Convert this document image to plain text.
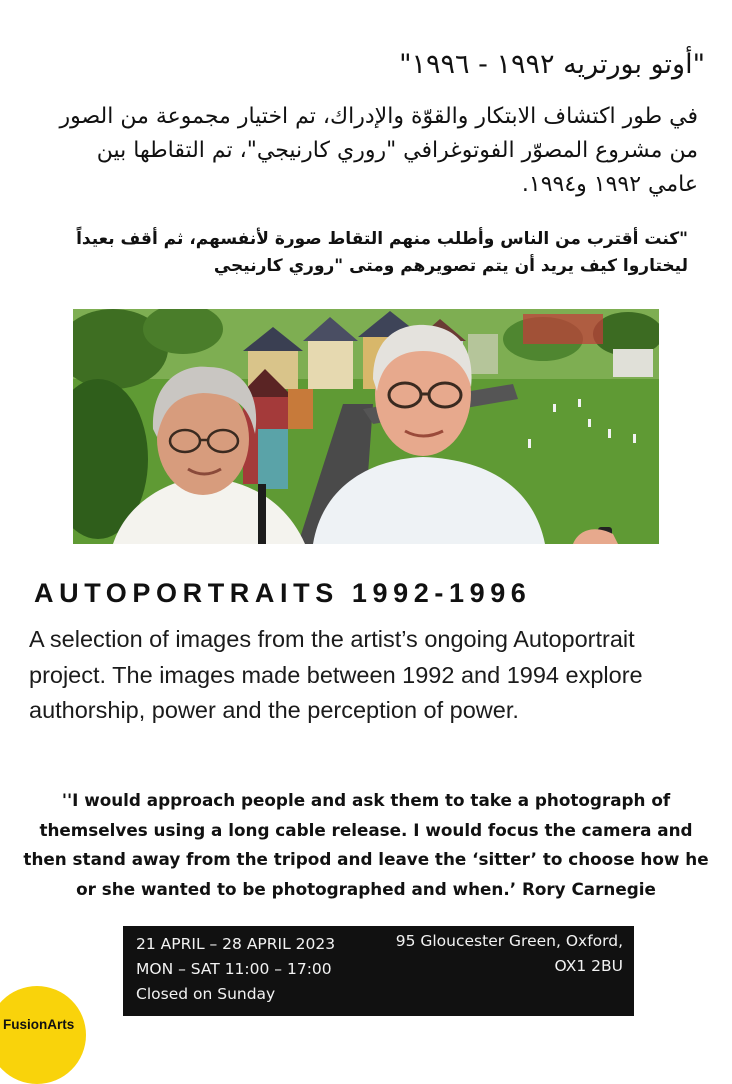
"أوتو بورتريه ١٩٩٢ - ١٩٩٦"
في طور اكتشاف الابتكار والقوّة والإدراك، تم اختيار مجموعة من الصور من مشروع المصوّر الفوتوغرافي "روري كارنيجي"، تم التقاطها بين عامي ١٩٩٢ و١٩٩٤.
"كنت أقترب من الناس وأطلب منهم التقاط صورة لأنفسهم، ثم أقف بعيداً ليختاروا كيف يريد أن يتم تصويرهم ومتى "روري كارنيجي
AUTOPORTRAITS 1992-1996
A selection of images from the artist’s ongoing Autoportrait project. The images made between 1992 and 1994 explore authorship, power and the perception of power.
''I would approach people and ask them to take a photograph of themselves using a long cable release. I would focus the camera and then stand away from the tripod and leave the ‘sitter’ to choose how he or she wanted to be photographed and when.’ Rory Carnegie
21 APRIL – 28 APRIL 2023
MON – SAT 11:00 – 17:00
Closed on Sunday
95 Gloucester Green, Oxford,
OX1 2BU
FusionArts
